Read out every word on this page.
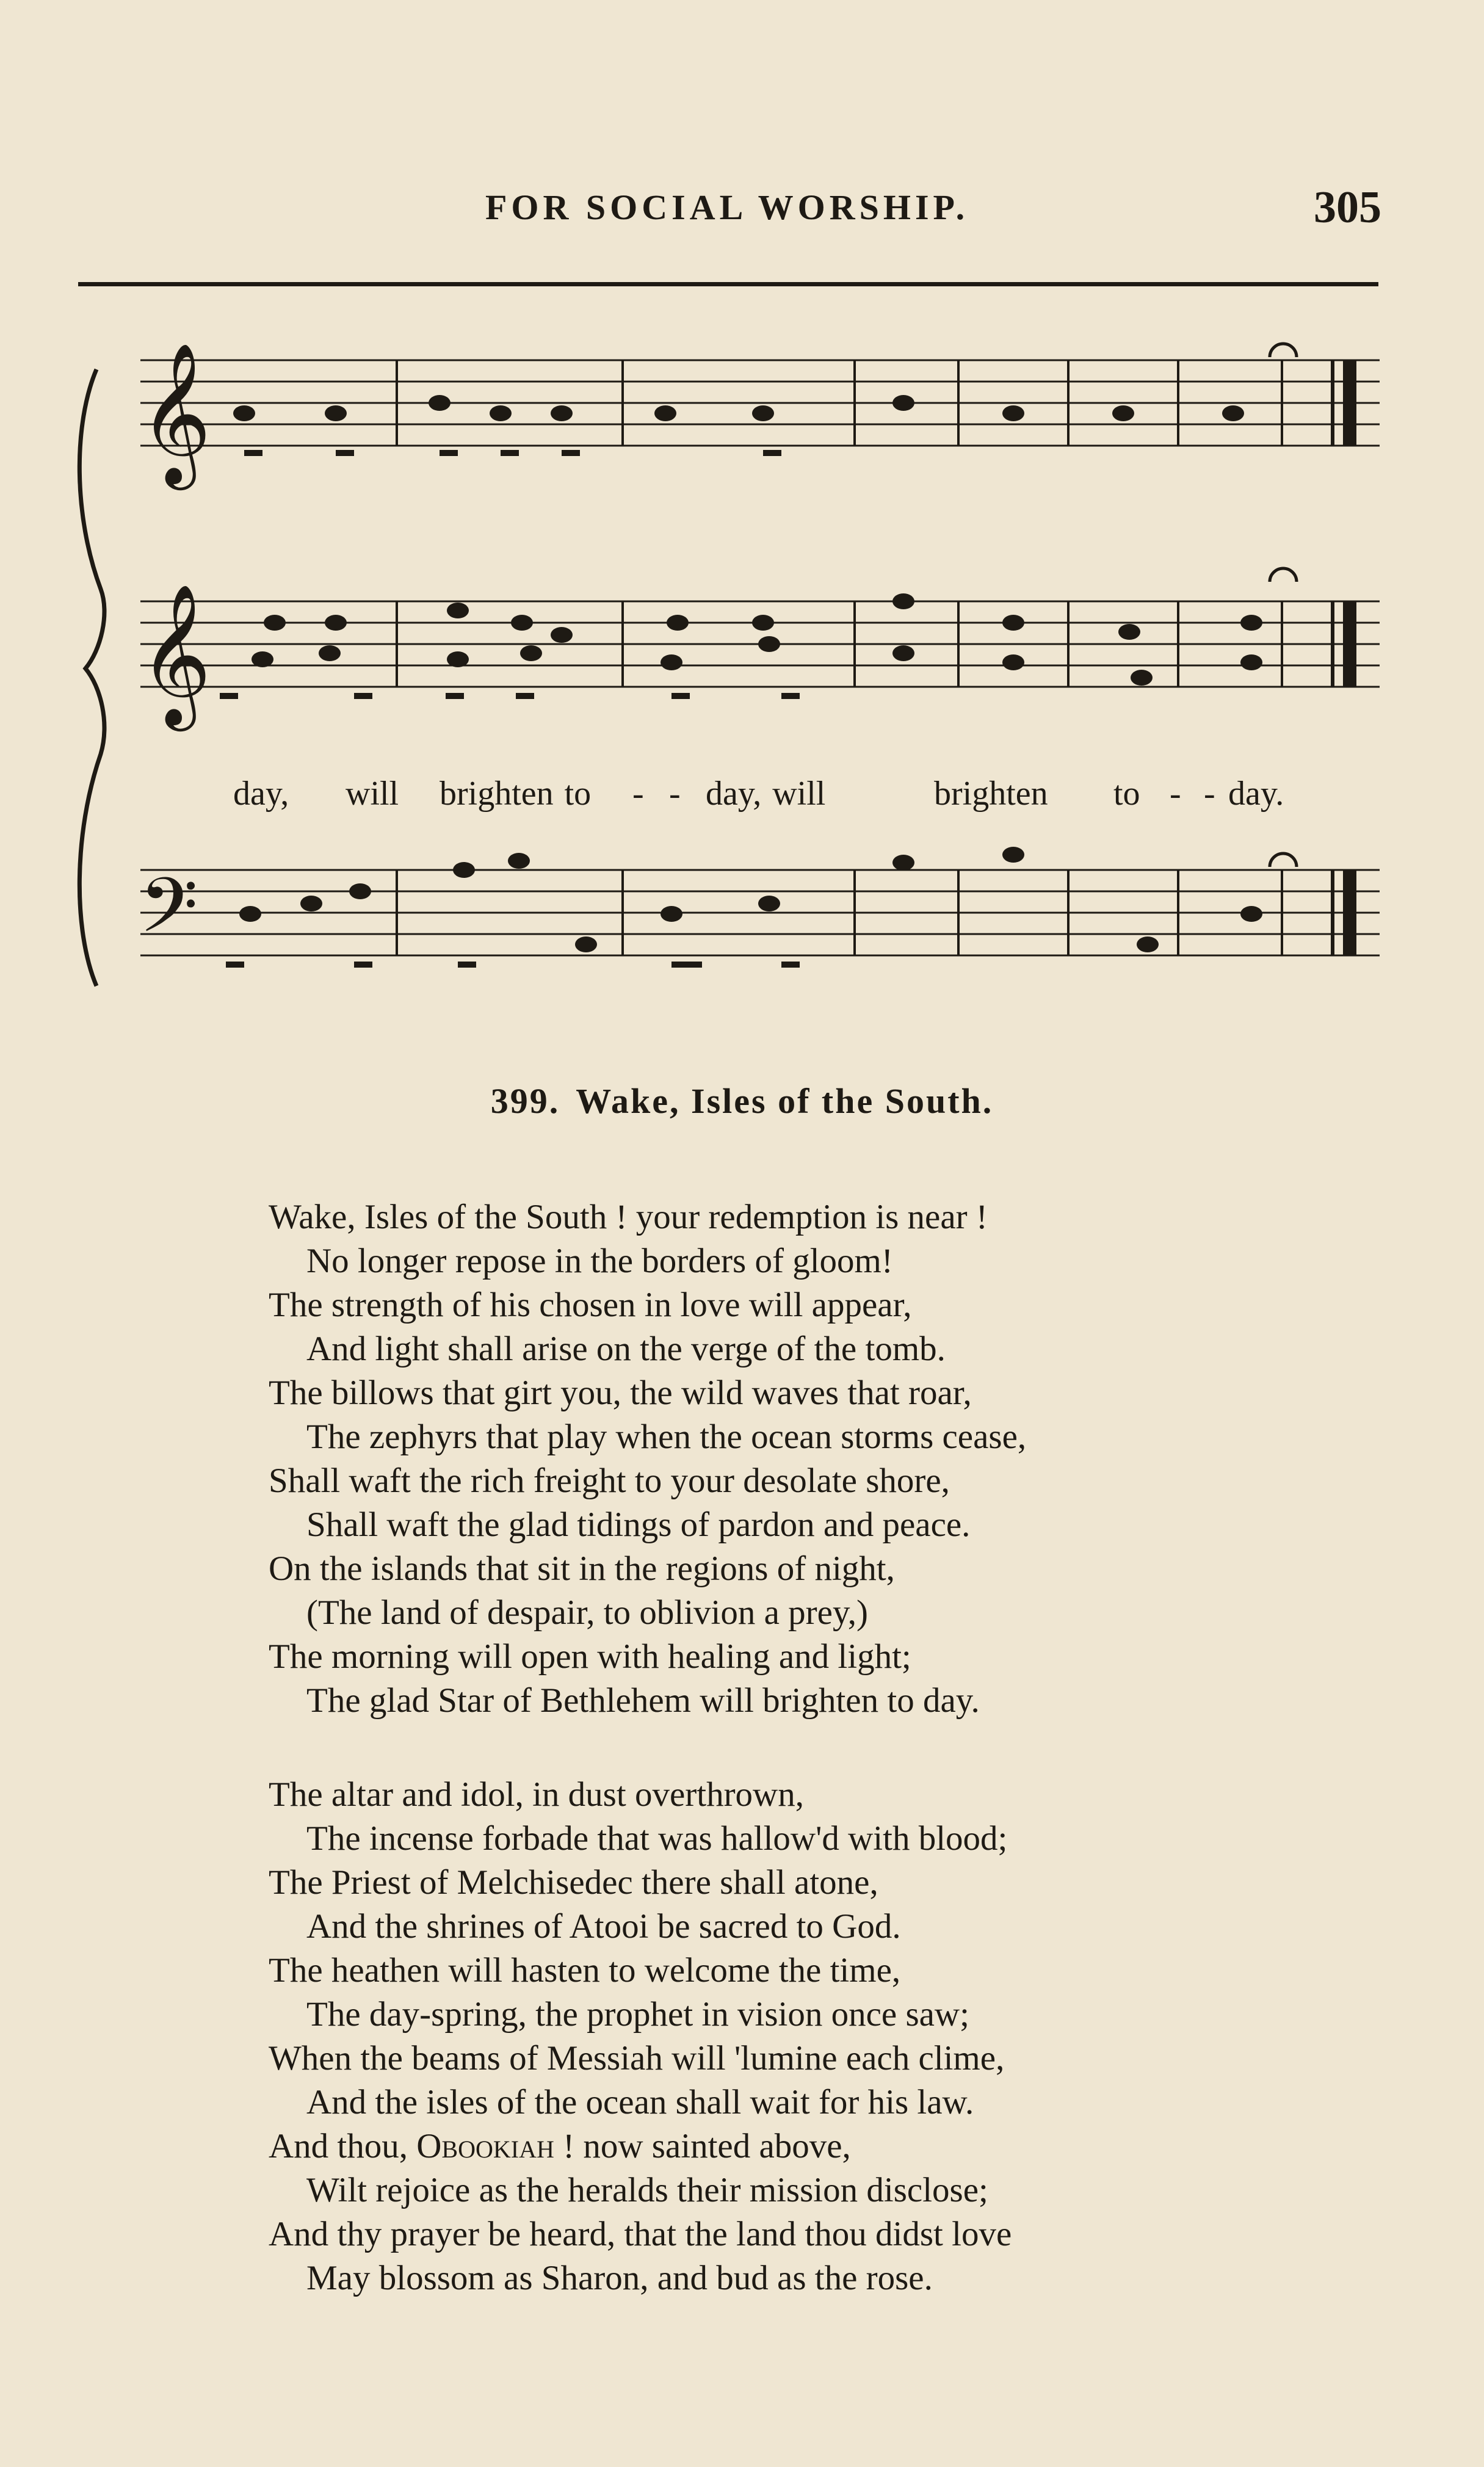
FOR SOCIAL WORSHIP.	305
𝄞
𝄞
𝄢

day,

will

brighten to

-

-

day, will

	brighten

to

-

-

day.

399. Wake, Isles of the South.
Wake, Isles of the South ! your redemption is near !
No longer repose in the borders of gloom!
The strength of his chosen in love will appear,
And light shall arise on the verge of the tomb.
The billows that girt you, the wild waves that roar,
The zephyrs that play when the ocean storms cease,
Shall waft the rich freight to your desolate shore,
Shall waft the glad tidings of pardon and peace.
On the islands that sit in the regions of night,
(The land of despair, to oblivion a prey,)
The morning will open with healing and light;
The glad Star of Bethlehem will brighten to day.
The altar and idol, in dust overthrown,
The incense forbade that was hallow'd with blood;
The Priest of Melchisedec there shall atone,
And the shrines of Atooi be sacred to God.
The heathen will hasten to welcome the time,
The day-spring, the prophet in vision once saw;
When the beams of Messiah will 'lumine each clime,
And the isles of the ocean shall wait for his law.
And thou, Obookiah ! now sainted above,
Wilt rejoice as the heralds their mission disclose;
And thy prayer be heard, that the land thou didst love
May blossom as Sharon, and bud as the rose.
